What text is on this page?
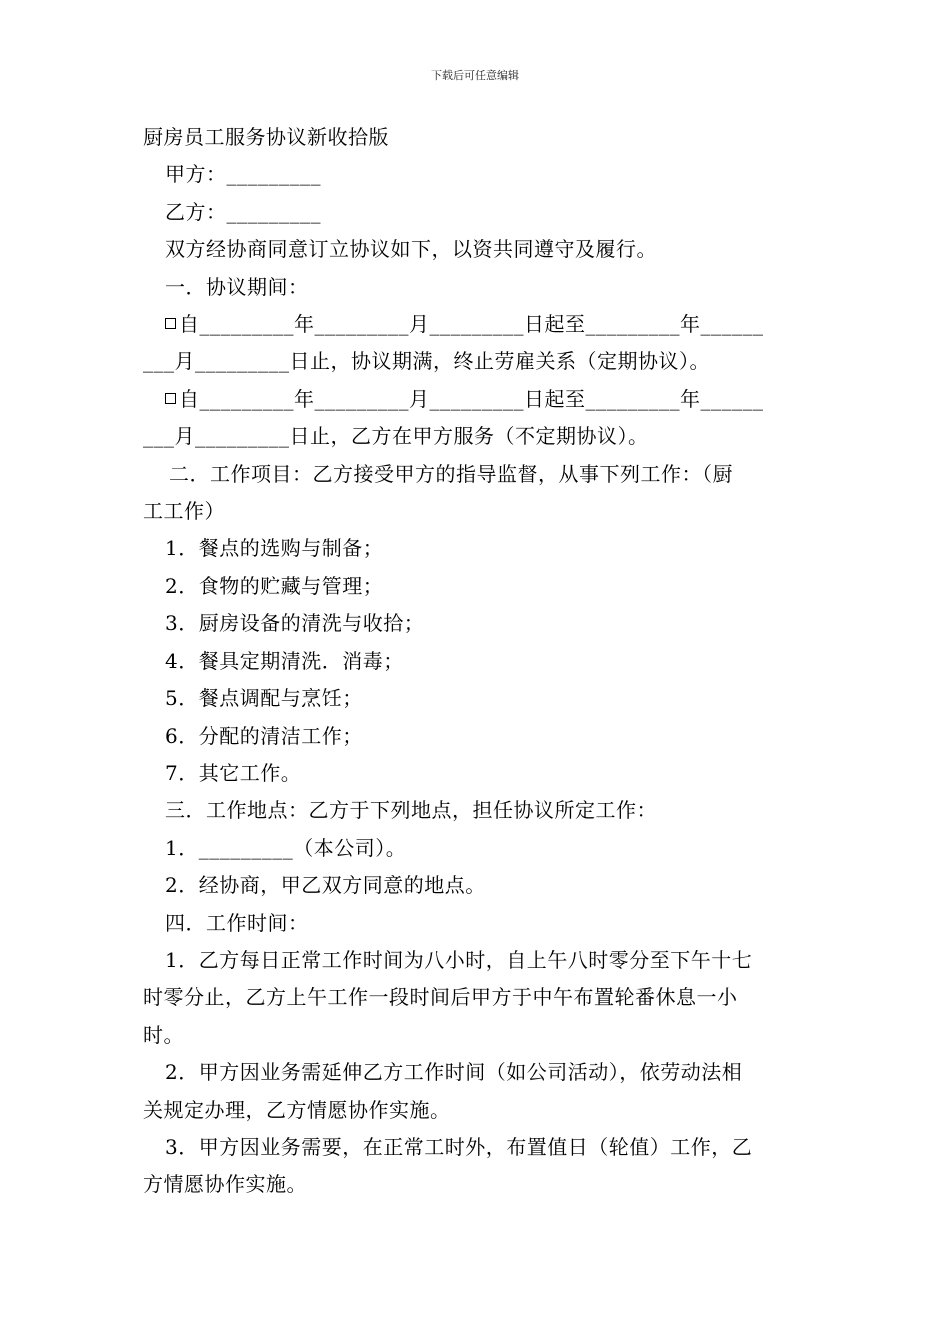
下载后可任意编辑
厨房员工服务协议新收拾版
甲方：_________
乙方：_________
双方经协商同意订立协议如下，以资共同遵守及履行。
一．协议期间：
自_________年_________月_________日起至_________年______
___月_________日止，协议期满，终止劳雇关系（定期协议）。
自_________年_________月_________日起至_________年______
___月_________日止，乙方在甲方服务（不定期协议）。
二．工作项目：乙方接受甲方的指导监督，从事下列工作：（厨
工工作）
1．餐点的选购与制备；
2．食物的贮藏与管理；
3．厨房设备的清洗与收拾；
4．餐具定期清洗．消毒；
5．餐点调配与烹饪；
6．分配的清洁工作；
7．其它工作。
三．工作地点：乙方于下列地点，担任协议所定工作：
1．_________（本公司）。
2．经协商，甲乙双方同意的地点。
四．工作时间：
1．乙方每日正常工作时间为八小时，自上午八时零分至下午十七
时零分止，乙方上午工作一段时间后甲方于中午布置轮番休息一小
时。
2．甲方因业务需延伸乙方工作时间（如公司活动），依劳动法相
关规定办理，乙方情愿协作实施。
3．甲方因业务需要，在正常工时外，布置值日（轮值）工作，乙
方情愿协作实施。
